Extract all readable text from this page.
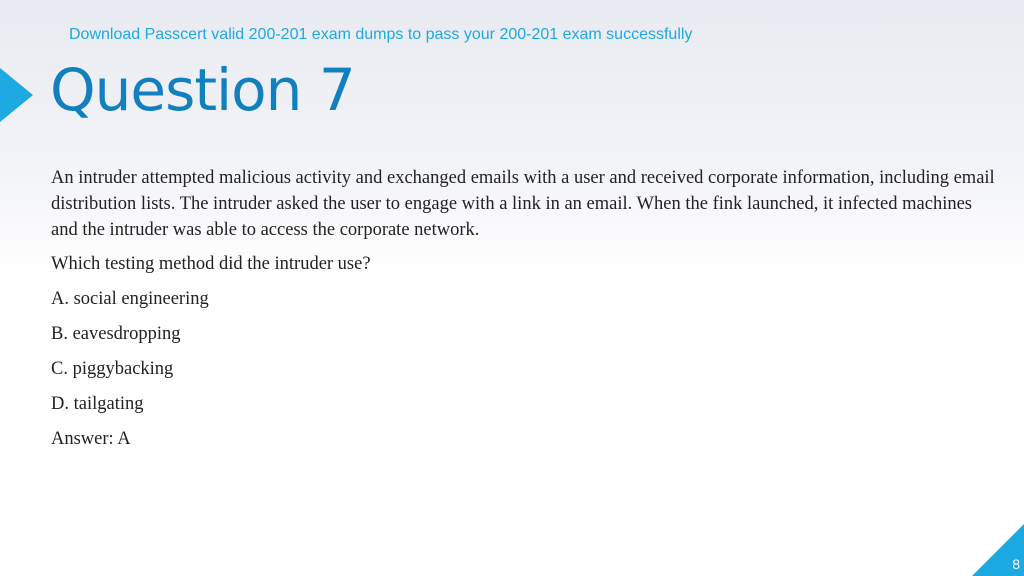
Download Passcert valid 200-201 exam dumps to pass your 200-201 exam successfully
Question 7

An intruder attempted malicious activity and exchanged emails with a user and received corporate information, including email distribution lists. The intruder asked the user to engage with a link in an email. When the fink launched, it infected machines and the intruder was able to access the corporate network.

Which testing method did the intruder use?

A. social engineering

B. eavesdropping

C. piggybacking

D. tailgating

Answer: A

8
